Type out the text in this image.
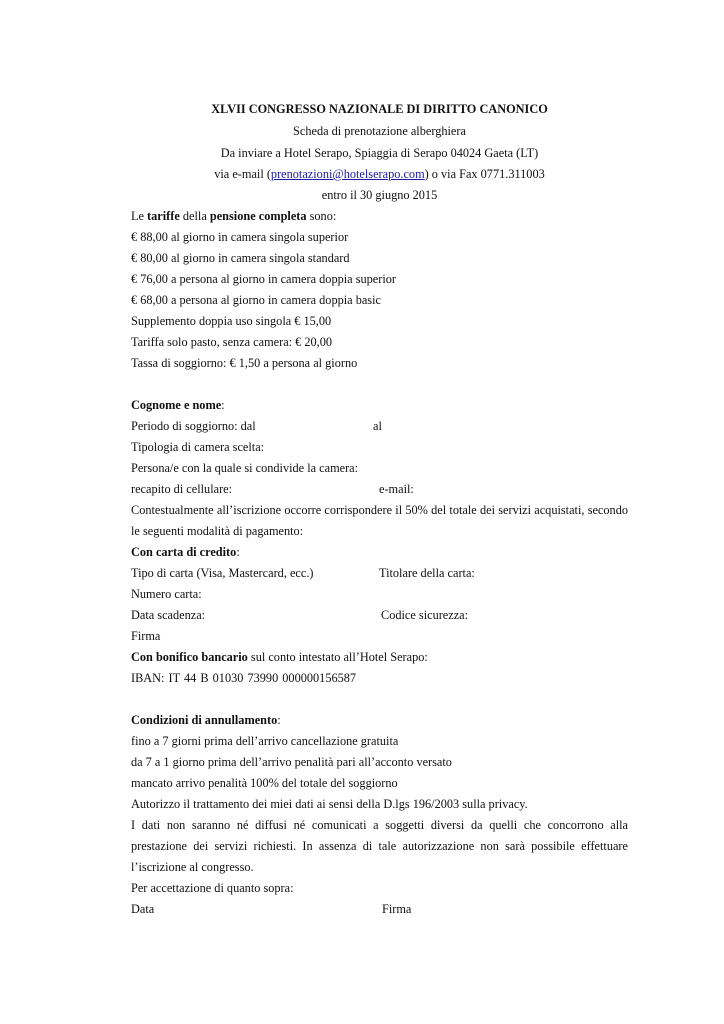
XLVII CONGRESSO NAZIONALE DI DIRITTO CANONICO
Scheda di prenotazione alberghiera
Da inviare a Hotel Serapo, Spiaggia di Serapo 04024 Gaeta (LT)
via e-mail (prenotazioni@hotelserapo.com) o via Fax 0771.311003
entro il 30 giugno 2015
Le tariffe della pensione completa sono:
€ 88,00 al giorno in camera singola superior
€ 80,00 al giorno in camera singola standard
€ 76,00 a persona al giorno in camera doppia superior
€ 68,00 a persona al giorno in camera doppia basic
Supplemento doppia uso singola € 15,00
Tariffa solo pasto, senza camera: € 20,00
Tassa di soggiorno: € 1,50 a persona al giorno
Cognome e nome:
Periodo di soggiorno: dal	al
Tipologia di camera scelta:
Persona/e con la quale si condivide la camera:
recapito di cellulare:	e-mail:
Contestualmente all’iscrizione occorre corrispondere il 50% del totale dei servizi acquistati, secondo
le seguenti modalità di pagamento:
Con carta di credito:
Tipo di carta (Visa, Mastercard, ecc.)	Titolare della carta:
Numero carta:
Data scadenza:	Codice sicurezza:
Firma
Con bonifico bancario sul conto intestato all’Hotel Serapo:
IBAN: IT 44 B 01030 73990 000000156587
Condizioni di annullamento:
fino a 7 giorni prima dell’arrivo cancellazione gratuita
da 7 a 1 giorno prima dell’arrivo penalità pari all’acconto versato
mancato arrivo penalità 100% del totale del soggiorno
Autorizzo il trattamento dei miei dati ai sensi della D.lgs 196/2003 sulla privacy.
I dati non saranno né diffusi né comunicati a soggetti diversi da quelli che concorrono alla
prestazione dei servizi richiesti. In assenza di tale autorizzazione non sarà possibile effettuare
l’iscrizione al congresso.
Per accettazione di quanto sopra:
Data	Firma
